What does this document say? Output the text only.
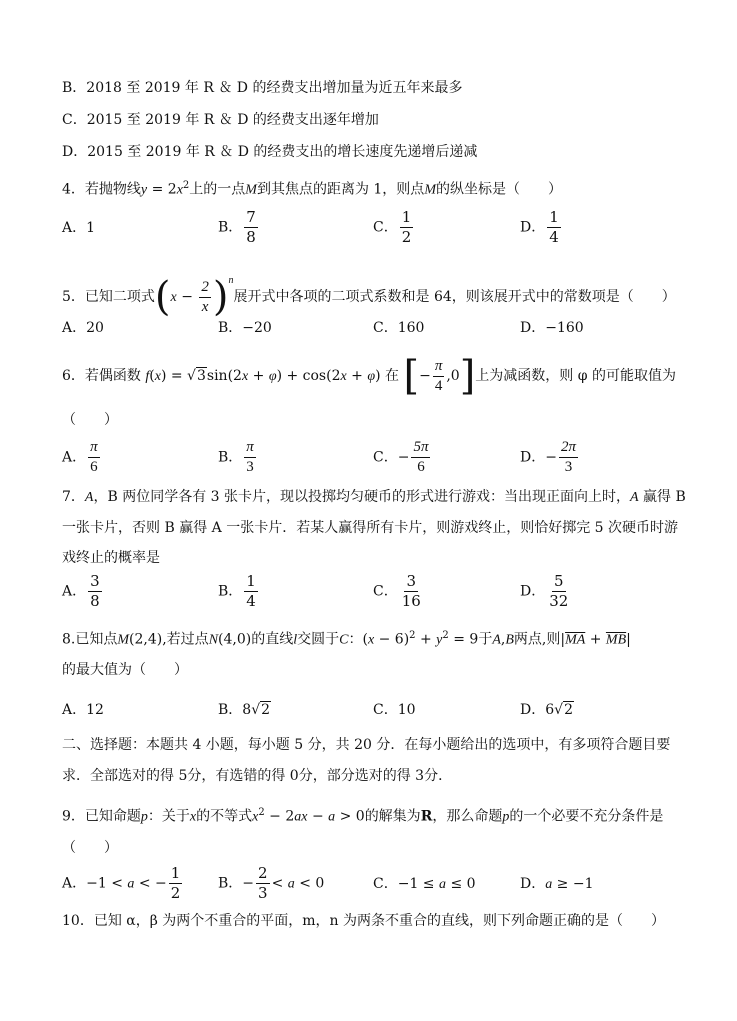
B．2018 至 2019 年 R ＆ D 的经费支出增加量为近五年来最多
C．2015 至 2019 年 R ＆ D 的经费支出逐年增加
D．2015 至 2019 年 R ＆ D 的经费支出的增长速度先递增后递减
4．若抛物线$y = 2x^2$上的一点M到其焦点的距离为 1，则点M的纵坐标是（　　）
A．1	B． $\frac{7}{8}$	C． $\frac{1}{2}$	D． $\frac{1}{4}$
5．已知二项式$(x - \frac{2}{x} )^n$展开式中各项的二项式系数和是 64，则该展开式中的常数项是（　　）
A．20	B．−20	C．160	D．−160
6．若偶函数 f(x) = √3sin(2x + φ) + cos(2x + φ) 在 [− $\frac{\pi}{4} ,0$]上为减函数，则 φ 的可能取值为
（　　）
A． $\frac{\pi}{6}$	B． $\frac{\pi}{3}$	C．− $\frac{5\pi}{6}$	D．− $\frac{2\pi}{3}$
7．A，B 两位同学各有 3 张卡片，现以投掷均匀硬币的形式进行游戏：当出现正面向上时，A 赢得 B
一张卡片，否则 B 赢得 A 一张卡片．若某人赢得所有卡片，则游戏终止，则恰好掷完 5 次硬币时游
戏终止的概率是
A． $\frac{3}{8}$	B． $\frac{1}{4}$	C． $\frac{3}{16}$	D． $\frac{5}{32}$
8.已知点M(2,4),若过点N(4,0)的直线l交圆于C：$(x - 6)^2 + y^2 = 9$于A,B两点,则$|\overline{MA} + \overline{MB}|$
的最大值为（　　）
A．12	B．8√2	C．10	D．6√2
二、选择题：本题共 4 小题，每小题 5 分，共 20 分．在每小题给出的选项中，有多项符合题目要
求．全部选对的得 5分，有选错的得 0分，部分选对的得 3分．
9．已知命题p：关于x的不等式$x^2 - 2ax - a > 0$的解集为R，那么命题p的一个必要不充分条件是
（　　）
A．−1 < a < − $\frac{1}{2}$	B．− $\frac{2}{3} < a < 0$	C．−1 ≤ a ≤ 0	D．a ≥ −1
10．已知 α，β 为两个不重合的平面，m，n 为两条不重合的直线，则下列命题正确的是（　　）
